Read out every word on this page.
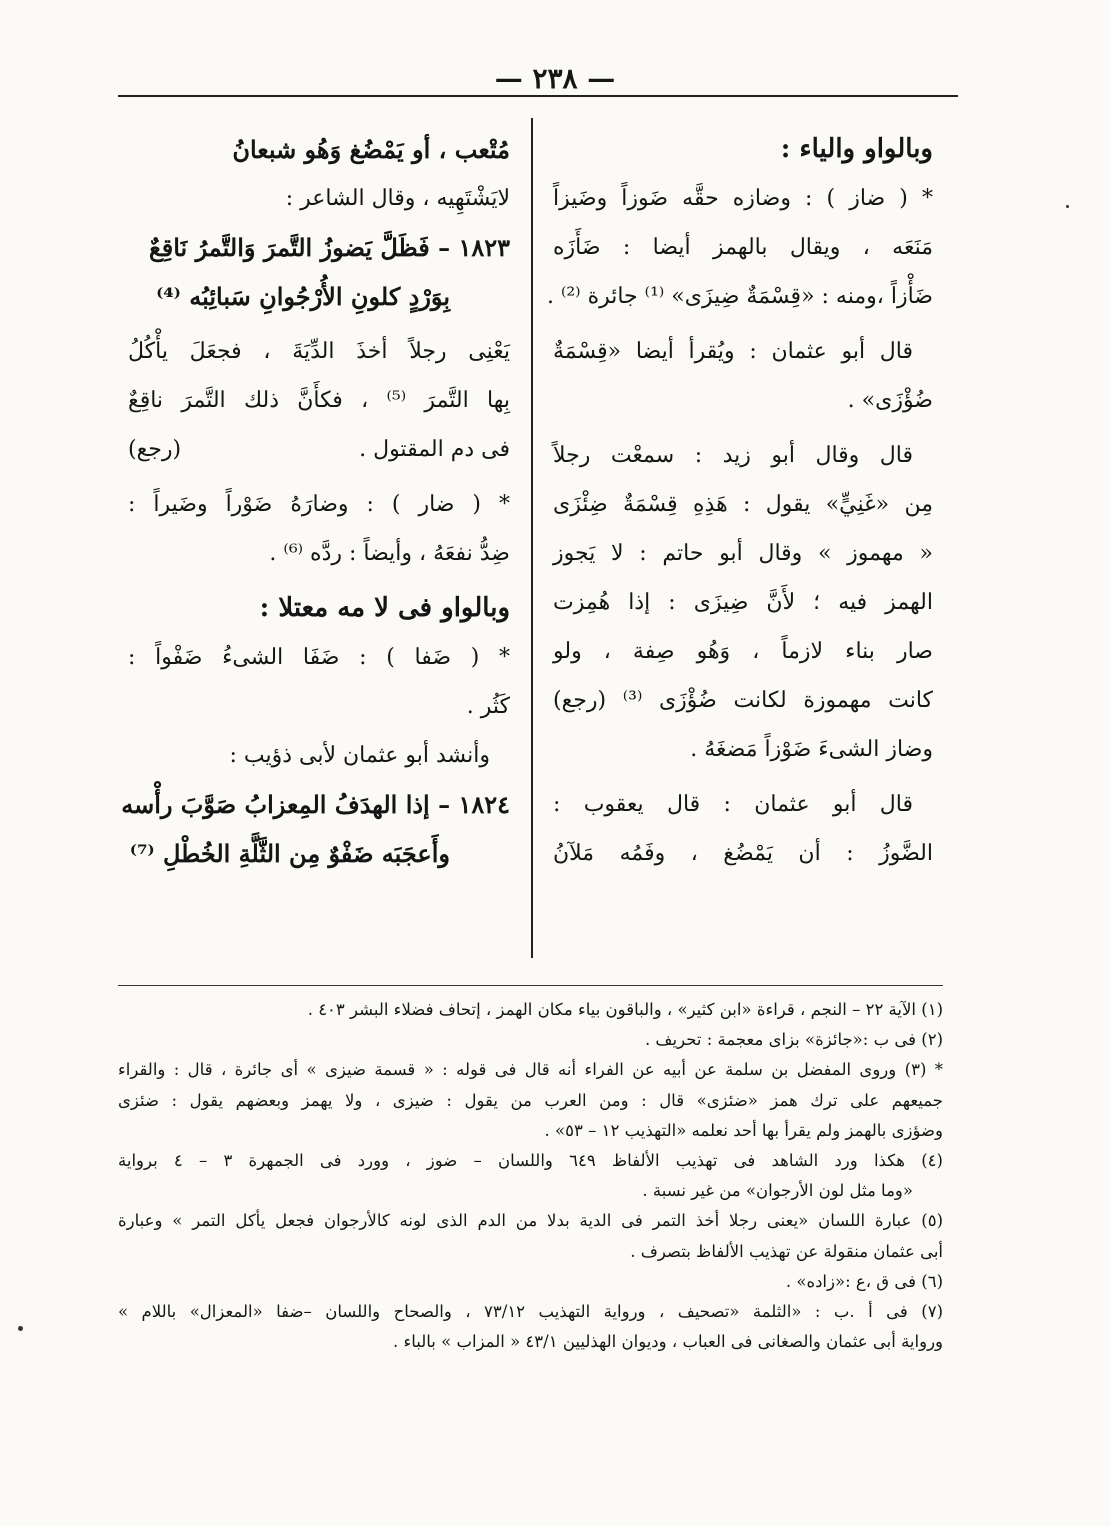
— ٢٣٨ —
وبالواو والياء :
* ( ضاز ) : وضازه حقَّه ضَوزاً وضَيزاً
مَنَعَه ، ويقال بالهمز أيضا : ضَأَزَه
ضَأْزاً ،ومنه : «قِسْمَةٌ ضِيزَى» ⁽¹⁾ جائرة ⁽²⁾ .
قال أبو عثمان : ويُقرأ أيضا «قِسْمَةٌ
ضُؤْزَى» .
قال وقال أبو زيد : سمعْت رجلاً
مِن «غَنِيٍّ» يقول : هَذِهِ قِسْمَةٌ ضِئْزَى
« مهموز » وقال أبو حاتم : لا يَجوز
الهمز فيه ؛ لأَنَّ ضِيزَى : إذا هُمِزت
صار بناء لازماً ، وَهُو صِفة ، ولو
كانت مهموزة لكانت ضُؤْزَى ⁽³⁾ (رجع)
وضاز الشىءَ ضَوْزاً مَضغَهُ .
قال أبو عثمان : قال يعقوب :
الضَّوزُ : أن يَمْضُغ ، وفَمُه مَلآنُ
مُتْعب ، أو يَمْضُغ وَهُو شبعانُ
لايَشْتَهِيه ، وقال الشاعر :
١٨٢٣ – فَظَلَّ يَضوزُ التَّمرَ وَالتَّمرُ نَاقِعٌ
بِوَرْدٍ كلونِ الأُرْجُوانِ سَبائِبُه ⁽⁴⁾
يَعْنِى رجلاً أخذَ الدِّيَةَ ، فجعَلَ يأْكُلُ
بِها التَّمرَ ⁽⁵⁾ ، فكأَنَّ ذلك التَّمرَ ناقِعٌ
فى دم المقتول .
(رجع)
* ( ضار ) : وضارَهُ ضَوْراً وضَيراً :
ضِدُّ نفعَهُ ، وأيضاً : ردَّه ⁽⁶⁾ .
وبالواو فى لا مه معتلا :
* ( ضَفا ) : ضَفَا الشىءُ ضَفْواً :
كَثُر .
وأنشد أبو عثمان لأبى ذؤيب :
١٨٢٤ – إذا الهدَفُ المِعزابُ صَوَّبَ رأْسه
وأَعجَبَه ضَفْوٌ مِن الثَّلَّةِ الخُطْلِ ⁽⁷⁾
(١) الآية ٢٢ – النجم ، قراءة «ابن كثير» ، والباقون بياء مكان الهمز ، إتحاف فضلاء البشر ٤٠٣ .
(٢) فى ب :«جائزة» بزاى معجمة : تحريف .
* (٣) وروى المفضل بن سلمة عن أبيه عن الفراء أنه قال فى قوله : « قسمة ضيزى » أى جائرة ، قال : والقراء
جميعهم على ترك همز «ضئزى» قال : ومن العرب من يقول : ضيزى ، ولا يهمز وبعضهم يقول : ضئزى
وضؤزى بالهمز ولم يقرأ بها أحد نعلمه «التهذيب ١٢ – ٥٣» .
(٤) هكذا ورد الشاهد فى تهذيب الألفاظ ٦٤٩ واللسان – ضوز ، وورد فى الجمهرة ٣ – ٤ برواية
«وما مثل لون الأرجوان» من غير نسبة .
(٥) عبارة اللسان «يعنى رجلا أخذ التمر فى الدية بدلا من الدم الذى لونه كالأرجوان فجعل يأكل التمر » وعبارة
أبى عثمان منقولة عن تهذيب الألفاظ بتصرف .
(٦) فى ق ،ع :«زاده» .
(٧) فى أ .ب : «الثلمة «تصحيف ، ورواية التهذيب ٧٣/١٢ ، والصحاح واللسان –ضفا «المعزال» باللام »
ورواية أبى عثمان والصغانى فى العباب ، وديوان الهذليين ٤٣/١ « المزاب » بالباء .
